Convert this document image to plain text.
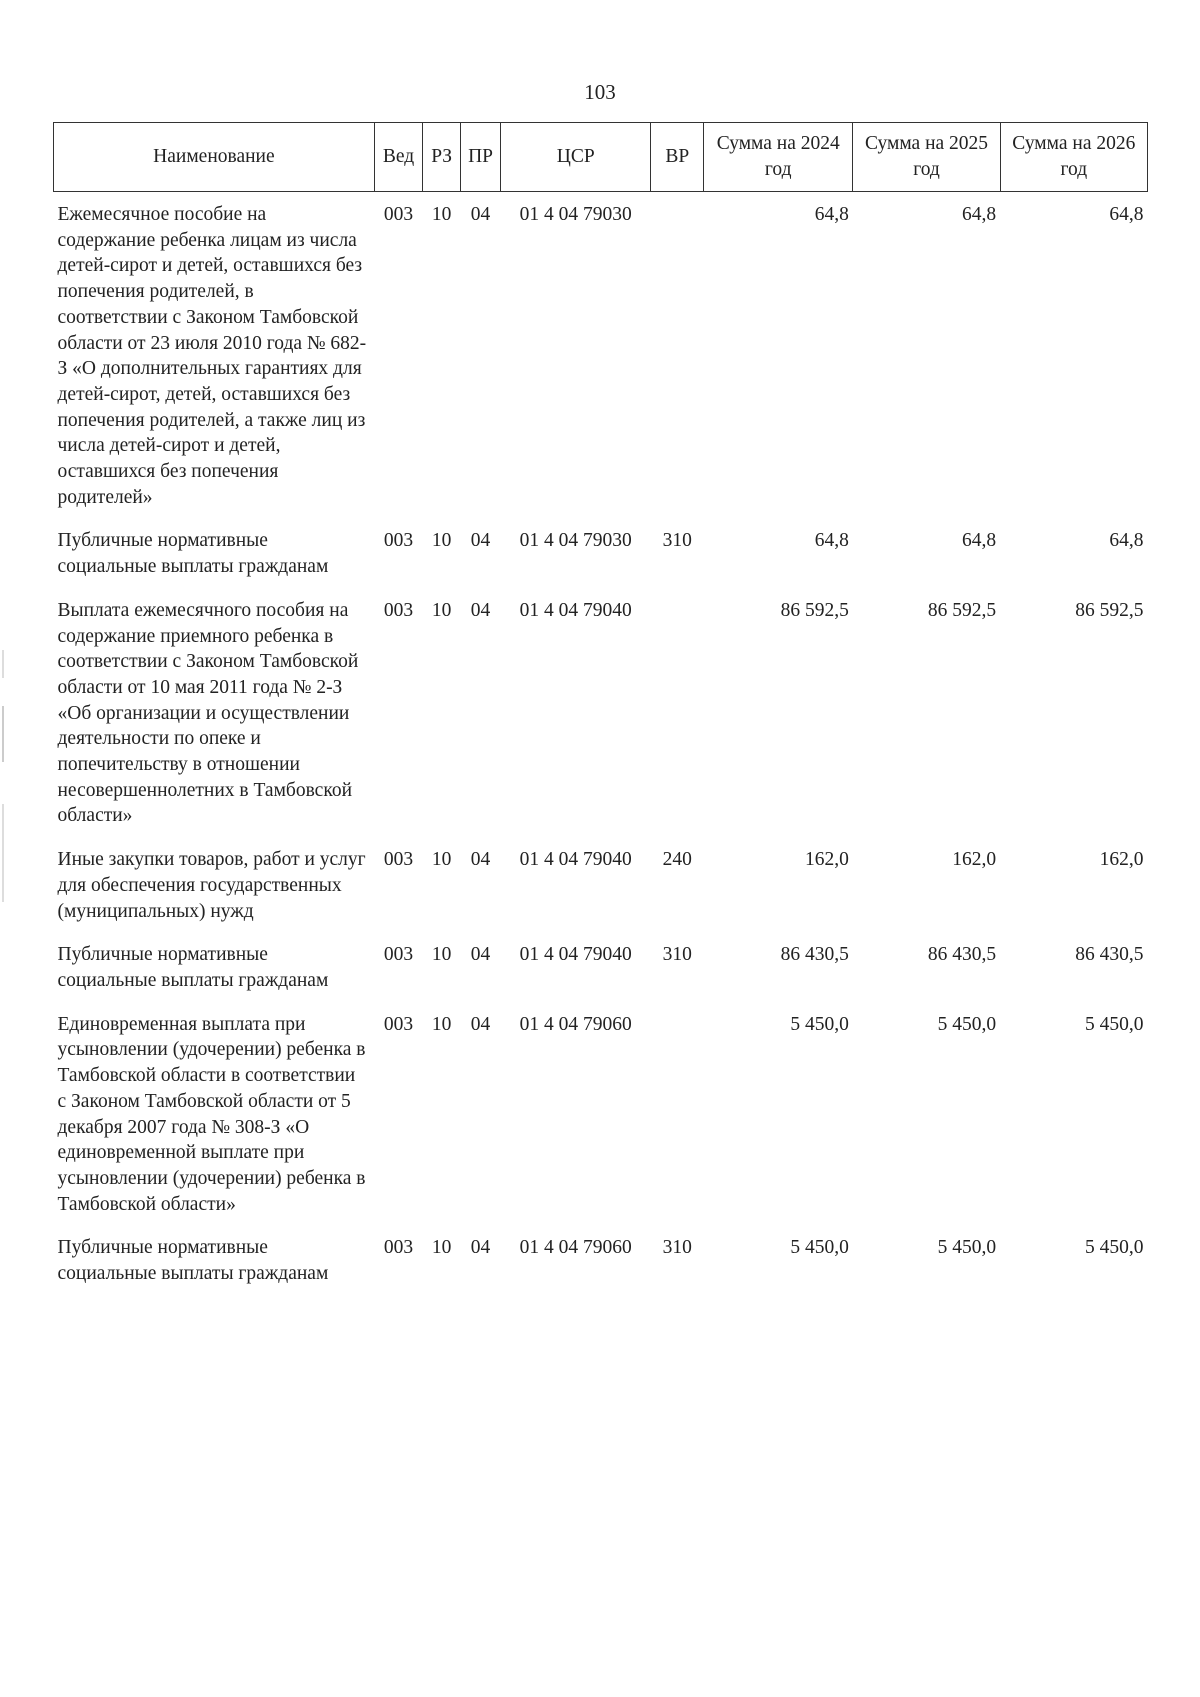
103
Наименование	Вед	РЗ	ПР	ЦСР	ВР	Сумма на 2024 год	Сумма на 2025 год	Сумма на 2026 год
Ежемесячное пособие на содержание ребенка лицам из числа детей-сирот и детей, оставшихся без попечения родителей, в соответствии с Законом Тамбовской области от 23 июля 2010 года № 682-З «О дополнительных гарантиях для детей-сирот, детей, оставшихся без попечения родителей, а также лиц из числа детей-сирот и детей, оставшихся без попечения родителей»	003	10	04	01 4 04 79030		64,8	64,8	64,8
Публичные нормативные социальные выплаты гражданам	003	10	04	01 4 04 79030	310	64,8	64,8	64,8
Выплата ежемесячного пособия на содержание приемного ребенка в соответствии с Законом Тамбовской области от 10 мая 2011 года № 2-З «Об организации и осуществлении деятельности по опеке и попечительству в отношении несовершеннолетних в Тамбовской области»	003	10	04	01 4 04 79040		86 592,5	86 592,5	86 592,5
Иные закупки товаров, работ и услуг для обеспечения государственных (муниципальных) нужд	003	10	04	01 4 04 79040	240	162,0	162,0	162,0
Публичные нормативные социальные выплаты гражданам	003	10	04	01 4 04 79040	310	86 430,5	86 430,5	86 430,5
Единовременная выплата при усыновлении (удочерении) ребенка в Тамбовской области в соответствии с Законом Тамбовской области от 5 декабря 2007 года № 308-З «О единовременной выплате при усыновлении (удочерении) ребенка в Тамбовской области»	003	10	04	01 4 04 79060		5 450,0	5 450,0	5 450,0
Публичные нормативные социальные выплаты гражданам	003	10	04	01 4 04 79060	310	5 450,0	5 450,0	5 450,0
